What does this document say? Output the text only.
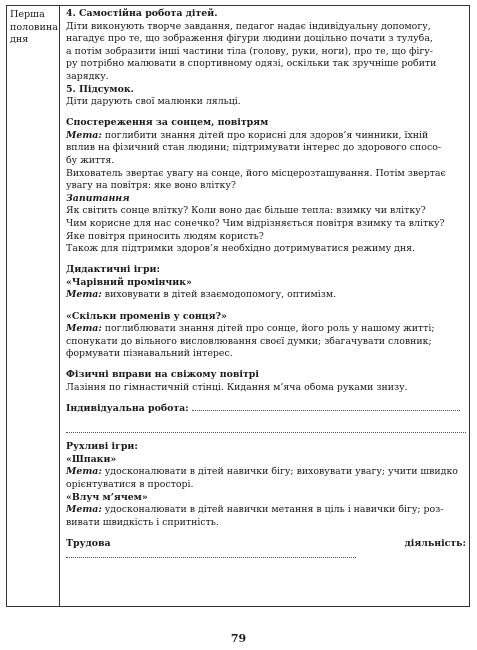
Перша
половина
дня

4. Самостійна робота дітей.

Діти виконують творче завдання, педагог надає індивідуальну допомогу,

нагадує про те, що зображення фігури людини доцільно почати з тулуба,

а потім зобразити інші частини тіла (голову, руки, ноги), про те, що фігу-

ру потрібно малювати в спортивному одязі, оскільки так зручніше робити

зарядку.

5. Підсумок.

Діти дарують свої малюнки ляльці.

Спостереження за сонцем, повітрям

Мета: поглибити знання дітей про корисні для здоров’я чинники, їхній

вплив на фізичний стан людини; підтримувати інтерес до здорового спосо-

бу життя.

Вихователь звертає увагу на сонце, його місцерозташування. Потім звертає

увагу на повітря: яке воно влітку?

Запитання

Як світить сонце влітку? Коли воно дає більше тепла: взимку чи влітку?

Чим корисне для нас сонечко? Чим відрізняється повітря взимку та влітку?

Яке повітря приносить людям користь?

Також для підтримки здоров’я необхідно дотримуватися режиму дня.

Дидактичні ігри:

«Чарівний промінчик»

Мета: виховувати в дітей взаємодопомогу, оптимізм.

«Скільки променів у сонця?»

Мета: поглиблювати знання дітей про сонце, його роль у нашому житті;

спонукати до вільного висловлювання своєї думки; збагачувати словник;

формувати пізнавальний інтерес.

Фізичні вправи на свіжому повітрі

Лазіння по гімнастичній стінці. Кидання м’яча обома руками знизу.

Індивідуальна робота:

Рухливі ігри:

«Шпаки»

Мета: удосконалювати в дітей навички бігу; виховувати увагу; учити швидко

орієнтуватися в просторі.

«Влуч м’ячем»

Мета: удосконалювати в дітей навички метання в ціль і навички бігу; роз-

вивати швидкість і спритність.

Трудова діяльність:

79
